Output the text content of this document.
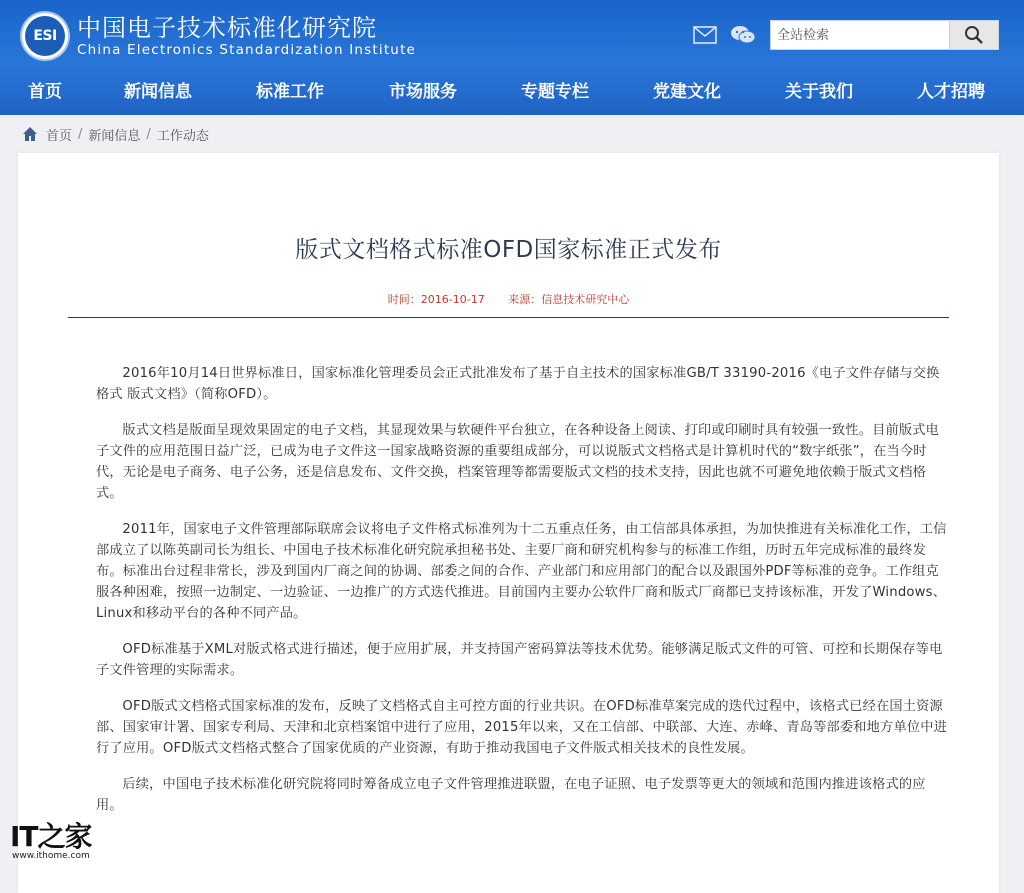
ESI 中国电子技术标准化研究院
China Electronics Standardization Institute
全站检索
首页	新闻信息	标准工作	市场服务	专题专栏	党建文化	关于我们	人才招聘
首页 / 新闻信息 / 工作动态
版式文档格式标准OFD国家标准正式发布
时间：2016-10-17 来源：信息技术研究中心

2016年10月14日世界标准日，国家标准化管理委员会正式批准发布了基于自主技术的国家标准GB/T 33190-2016《电子文件存储与交换格式 版式文档》（简称OFD）。

版式文档是版面呈现效果固定的电子文档，其显现效果与软硬件平台独立，在各种设备上阅读、打印或印刷时具有较强一致性。目前版式电子文件的应用范围日益广泛，已成为电子文件这一国家战略资源的重要组成部分，可以说版式文档格式是计算机时代的“数字纸张”，在当今时代，无论是电子商务、电子公务，还是信息发布、文件交换，档案管理等都需要版式文档的技术支持，因此也就不可避免地依赖于版式文档格式。

2011年，国家电子文件管理部际联席会议将电子文件格式标准列为十二五重点任务，由工信部具体承担，为加快推进有关标准化工作，工信部成立了以陈英副司长为组长、中国电子技术标准化研究院承担秘书处、主要厂商和研究机构参与的标准工作组，历时五年完成标准的最终发布。标准出台过程非常长，涉及到国内厂商之间的协调、部委之间的合作、产业部门和应用部门的配合以及跟国外PDF等标准的竞争。工作组克服各种困难，按照一边制定、一边验证、一边推广的方式迭代推进。目前国内主要办公软件厂商和版式厂商都已支持该标准，开发了Windows、Linux和移动平台的各种不同产品。

OFD标准基于XML对版式格式进行描述，便于应用扩展，并支持国产密码算法等技术优势。能够满足版式文件的可管、可控和长期保存等电子文件管理的实际需求。

OFD版式文档格式国家标准的发布，反映了文档格式自主可控方面的行业共识。在OFD标准草案完成的迭代过程中，该格式已经在国土资源部、国家审计署、国家专利局、天津和北京档案馆中进行了应用，2015年以来，又在工信部、中联部、大连、赤峰、青岛等部委和地方单位中进行了应用。OFD版式文档格式整合了国家优质的产业资源，有助于推动我国电子文件版式相关技术的良性发展。

后续，中国电子技术标准化研究院将同时筹备成立电子文件管理推进联盟，在电子证照、电子发票等更大的领域和范围内推进该格式的应用。

IT之家
www.ithome.com
